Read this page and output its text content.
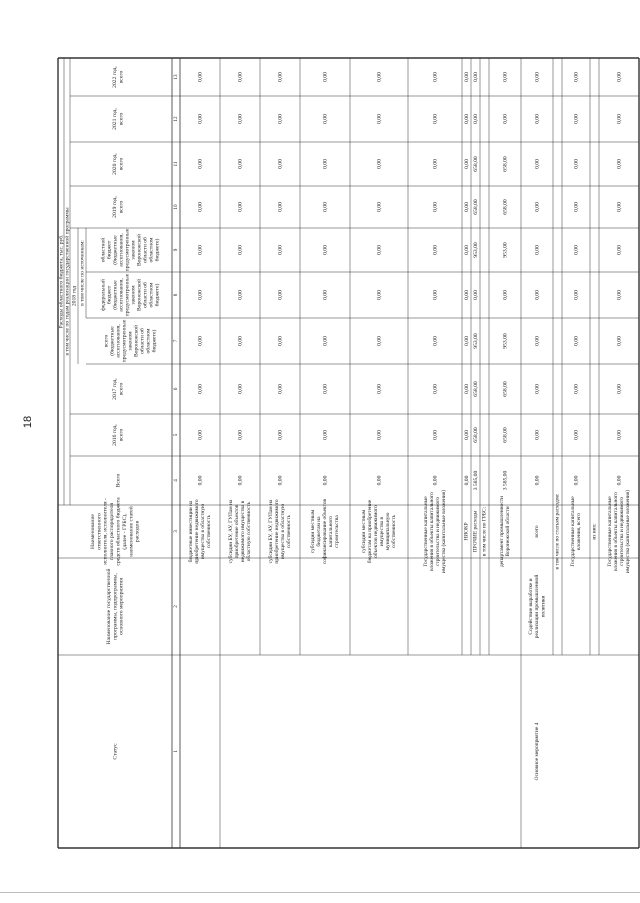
18
Статус
Наименование государственной программы, подпрограммы, основного мероприятия
Наименование ответственного исполнителя, исполнителя - главного распорядителя средств областного бюджета (далее - ГРБС), наименование статей расходов
Расходы областного бюджета, тыс. руб. в том числе по годам реализации государственной программы 2018 год в том числе по источникам:
Всего
2016 год, всего
2017 год, всего
всего (бюджетные ассигнования, предусмотренные законом Воронежской области об областном бюджете)
федеральный бюджет (бюджетные ассигнования, предусмотренные законом Воронежской области об областном бюджете)
областной бюджет (бюджетные ассигнования, предусмотренные законом Воронежской области об областном бюджете)
2019 год, всего
2020 год, всего
2021 год, всего
2022 год, всего
1
2
3
4
5
6
7
8
9
10
11
12
13
бюджетные инвестиции на приобретение недвижимого имущества в областную собственность
0,00
0,00
0,00
0,00
0,00
0,00
0,00
0,00
0,00
0,00
субсидии БУ, АУ, ГУПам на приобретение объектов недвижимого имущества в областную собственность
0,00
0,00
0,00
0,00
0,00
0,00
0,00
0,00
0,00
0,00
субсидии БУ, АУ, ГУПам на приобретение недвижимого имущества в областную собственность
0,00
0,00
0,00
0,00
0,00
0,00
0,00
0,00
0,00
0,00
субсидии местным бюджетам на софинансирование объектов капитального строительства
0,00
0,00
0,00
0,00
0,00
0,00
0,00
0,00
0,00
0,00
субсидии местным бюджетам на приобретение объектов недвижимого имущества в муниципальную собственность
0,00
0,00
0,00
0,00
0,00
0,00
0,00
0,00
0,00
0,00
Государственные капитальные вложения в объекты капитального строительства и недвижимого имущества (капитальные вложения)
0,00
0,00
0,00
0,00
0,00
0,00
0,00
0,00
0,00
0,00
НИОКР
0,00
0,00
0,00
0,00
0,00
0,00
0,00
0,00
0,00
0,00
ПРОЧИЕ расходы
3 585,00
658,00
658,00
953,00
0,00
953,00
658,00
658,00
0,00
0,00
в том числе по ГРБС: департамент промышленности Воронежской области
3 585,00
658,00
658,00
953,00
0,00
953,00
658,00
658,00
0,00
0,00
Основное мероприятие 4
Содействие выработке и реализации промышленной политики
всего
0,00
0,00
0,00
0,00
0,00
0,00
0,00
0,00
0,00
0,00
в том числе по статьям расходов: Государственные капитальные вложения, всего
0,00
0,00
0,00
0,00
0,00
0,00
0,00
0,00
0,00
0,00
из них: Государственные капитальные вложения в объекты капитального строительства и недвижимого имущества (капитальные вложения)
0,00
0,00
0,00
0,00
0,00
0,00
0,00
0,00
0,00
0,00
